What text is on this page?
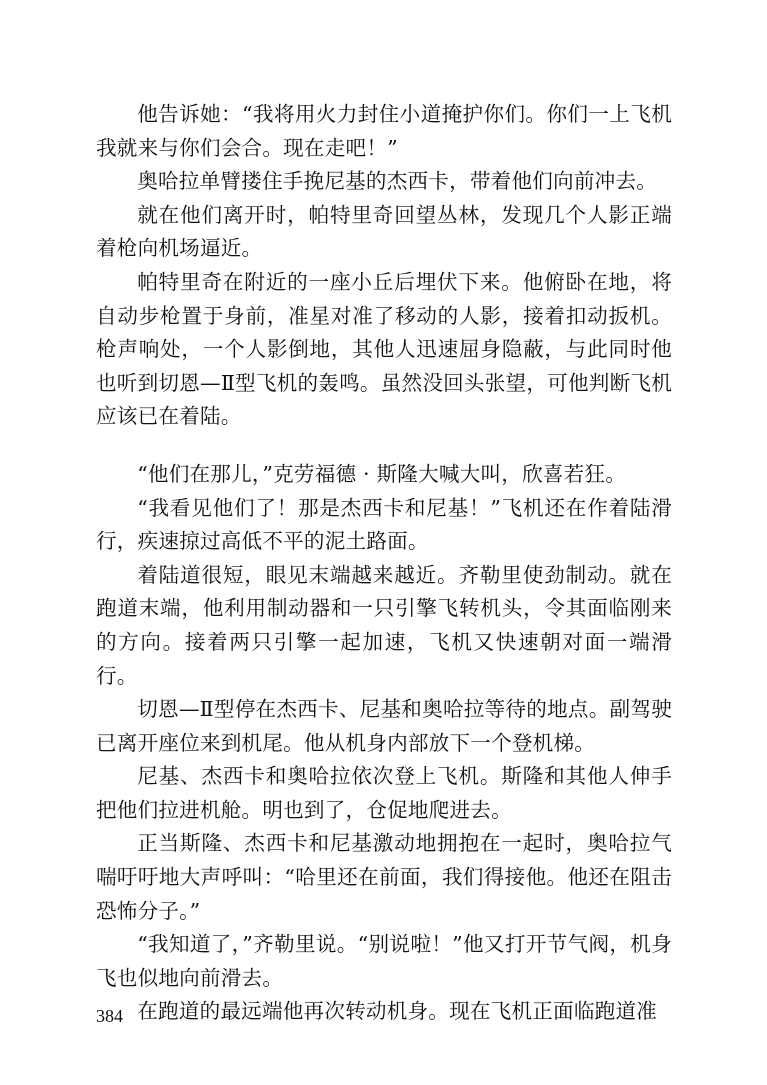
他告诉她：“我将用火力封住小道掩护你们。你们一上飞机我就来与你们会合。现在走吧！”

奥哈拉单臂搂住手挽尼基的杰西卡，带着他们向前冲去。

就在他们离开时，帕特里奇回望丛林，发现几个人影正端着枪向机场逼近。

帕特里奇在附近的一座小丘后埋伏下来。他俯卧在地，将自动步枪置于身前，准星对准了移动的人影，接着扣动扳机。枪声响处，一个人影倒地，其他人迅速屈身隐蔽，与此同时他也听到切恩—Ⅱ型飞机的轰鸣。虽然没回头张望，可他判断飞机应该已在着陆。

“他们在那儿，”克劳福德 · 斯隆大喊大叫，欣喜若狂。

“我看见他们了！那是杰西卡和尼基！”飞机还在作着陆滑行，疾速掠过高低不平的泥土路面。

着陆道很短，眼见末端越来越近。齐勒里使劲制动。就在跑道末端，他利用制动器和一只引擎飞转机头，令其面临刚来的方向。接着两只引擎一起加速，飞机又快速朝对面一端滑行。

切恩—Ⅱ型停在杰西卡、尼基和奥哈拉等待的地点。副驾驶已离开座位来到机尾。他从机身内部放下一个登机梯。

尼基、杰西卡和奥哈拉依次登上飞机。斯隆和其他人伸手把他们拉进机舱。明也到了，仓促地爬进去。

正当斯隆、杰西卡和尼基激动地拥抱在一起时，奥哈拉气喘吁吁地大声呼叫：“哈里还在前面，我们得接他。他还在阻击恐怖分子。”

“我知道了，”齐勒里说。“别说啦！”他又打开节气阀，机身飞也似地向前滑去。

在跑道的最远端他再次转动机身。现在飞机正面临跑道准

384
